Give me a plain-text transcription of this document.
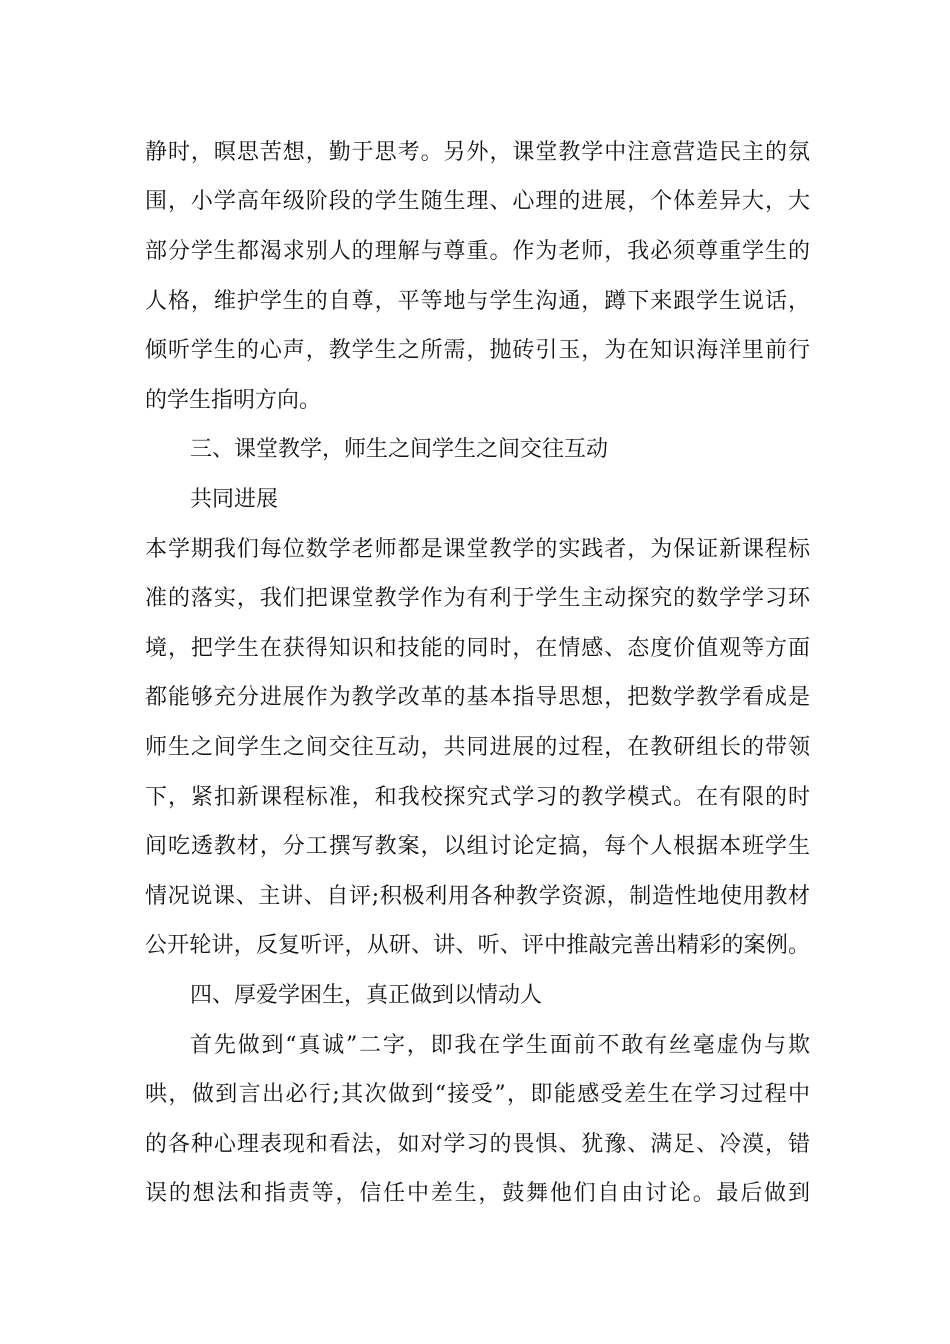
静时，暝思苦想，勤于思考。另外，课堂教学中注意营造民主的氛
围，小学高年级阶段的学生随生理、心理的进展，个体差异大，大
部分学生都渴求别人的理解与尊重。作为老师，我必须尊重学生的
人格，维护学生的自尊，平等地与学生沟通，蹲下来跟学生说话，
倾听学生的心声，教学生之所需，抛砖引玉，为在知识海洋里前行
的学生指明方向。
三、课堂教学，师生之间学生之间交往互动
共同进展
本学期我们每位数学老师都是课堂教学的实践者，为保证新课程标
准的落实，我们把课堂教学作为有利于学生主动探究的数学学习环
境，把学生在获得知识和技能的同时，在情感、态度价值观等方面
都能够充分进展作为教学改革的基本指导思想，把数学教学看成是
师生之间学生之间交往互动，共同进展的过程，在教研组长的带领
下，紧扣新课程标准，和我校探究式学习的教学模式。在有限的时
间吃透教材，分工撰写教案，以组讨论定搞，每个人根据本班学生
情况说课、主讲、自评;积极利用各种教学资源，制造性地使用教材
公开轮讲，反复听评，从研、讲、听、评中推敲完善出精彩的案例。
四、厚爱学困生，真正做到以情动人
首先做到“真诚”二字，即我在学生面前不敢有丝毫虚伪与欺
哄，做到言出必行;其次做到“接受”，即能感受差生在学习过程中
的各种心理表现和看法，如对学习的畏惧、犹豫、满足、冷漠，错
误的想法和指责等，信任中差生，鼓舞他们自由讨论。最后做到
